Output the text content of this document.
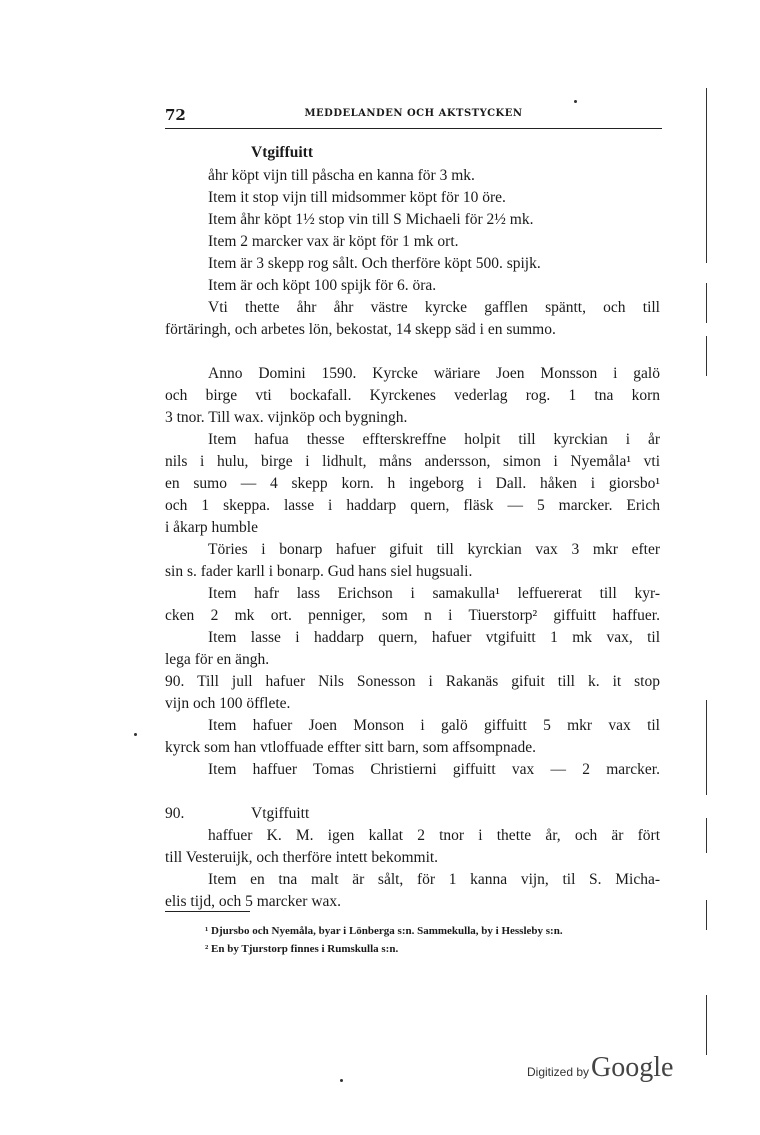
72	MEDDELANDEN OCH AKTSTYCKEN
Vtgiffuitt
åhr köpt vijn till påscha en kanna för 3 mk.
Item it stop vijn till midsommer köpt för 10 öre.
Item åhr köpt 1½ stop vin till S Michaeli för 2½ mk.
Item 2 marcker vax är köpt för 1 mk ort.
Item är 3 skepp rog sålt. Och therföre köpt 500. spijk.
Item är och köpt 100 spijk för 6. öra.
Vti thette åhr åhr västre kyrcke gafflen späntt, och till
förtäringh, och arbetes lön, bekostat, 14 skepp säd i en summo.
Anno Domini 1590. Kyrcke wäriare Joen Monsson i galö
och birge vti bockafall. Kyrckenes vederlag rog. 1 tna korn
3 tnor. Till wax. vijnköp och bygningh.
Item hafua thesse effterskreffne holpit till kyrckian i år
nils i hulu, birge i lidhult, måns andersson, simon i Nyemåla¹ vti
en sumo — 4 skepp korn. h ingeborg i Dall. håken i giorsbo¹
och 1 skeppa. lasse i haddarp quern, fläsk — 5 marcker. Erich
i åkarp humble
Töries i bonarp hafuer gifuit till kyrckian vax 3 mkr efter
sin s. fader karll i bonarp. Gud hans siel hugsuali.
Item hafr lass Erichson i samakulla¹ leffuererat till kyr-
cken 2 mk ort. penniger, som n i Tiuerstorp² giffuitt haffuer.
Item lasse i haddarp quern, hafuer vtgifuitt 1 mk vax, til
lega för en ängh.
90. Till jull hafuer Nils Sonesson i Rakanäs gifuit till k. it stop
vijn och 100 öfflete.
Item hafuer Joen Monson i galö giffuitt 5 mkr vax til
kyrck som han vtloffuade effter sitt barn, som affsompnade.
Item haffuer Tomas Christierni giffuitt vax — 2 marcker.
90.	Vtgiffuitt
haffuer K. M. igen kallat 2 tnor i thette år, och är fört
till Vesteruijk, och therföre intett bekommit.
Item en tna malt är sålt, för 1 kanna vijn, til S. Micha-
elis tijd, och 5 marcker wax.
¹ Djursbo och Nyemåla, byar i Lönberga s:n. Sammekulla, by i Hessleby s:n.
² En by Tjurstorp finnes i Rumskulla s:n.
Digitized by Google
